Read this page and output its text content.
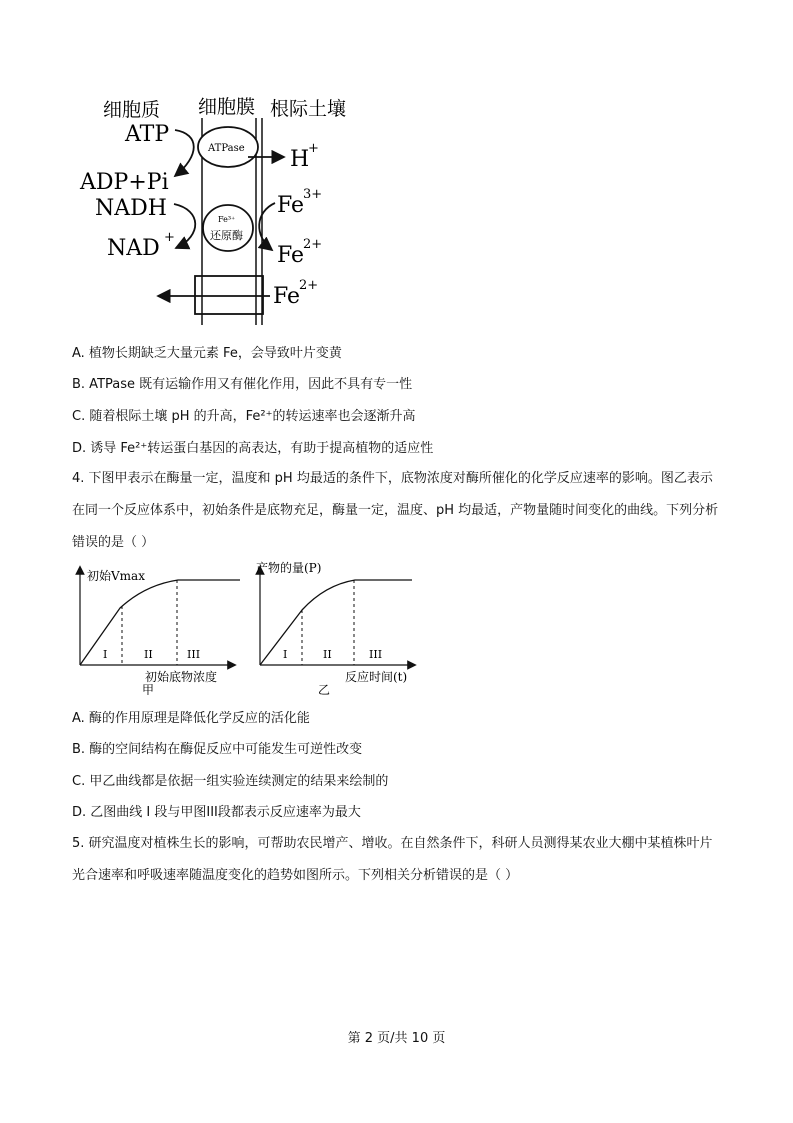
细胞质 细胞膜 根际土壤
ATP
ADP+Pi
ATPase H
+
NADH
NAD +
Fe³⁺
还原酶
Fe
3+
Fe
2+
Fe
2+
A. 植物长期缺乏大量元素 Fe，会导致叶片变黄
B. ATPase 既有运输作用又有催化作用，因此不具有专一性
C. 随着根际土壤 pH 的升高，Fe²⁺的转运速率也会逐渐升高
D. 诱导 Fe²⁺转运蛋白基因的高表达，有助于提高植物的适应性
4. 下图甲表示在酶量一定，温度和 pH 均最适的条件下，底物浓度对酶所催化的化学反应速率的影响。图乙表示在同一个反应体系中，初始条件是底物充足，酶量一定，温度、pH 均最适，产物量随时间变化的曲线。下列分析错误的是（ ）
初始Vmax
I	II	III
初始底物浓度
甲
产物的量(P)
I	II	III
反应时间(t)
乙
A. 酶的作用原理是降低化学反应的活化能
B. 酶的空间结构在酶促反应中可能发生可逆性改变
C. 甲乙曲线都是依据一组实验连续测定的结果来绘制的
D. 乙图曲线 I 段与甲图III段都表示反应速率为最大
5. 研究温度对植株生长的影响，可帮助农民增产、增收。在自然条件下，科研人员测得某农业大棚中某植株叶片光合速率和呼吸速率随温度变化的趋势如图所示。下列相关分析错误的是（ ）
第 2 页/共 10 页
